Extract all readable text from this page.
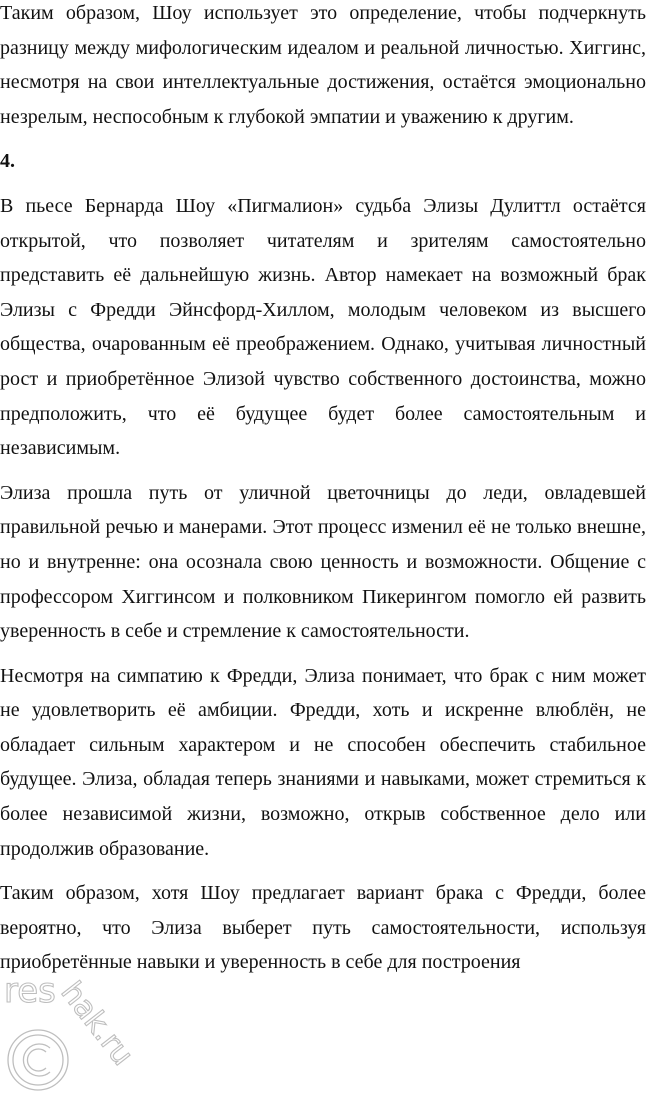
Таким образом, Шоу использует это определение, чтобы подчеркнуть разницу между мифологическим идеалом и реальной личностью. Хиггинс, несмотря на свои интеллектуальные достижения, остаётся эмоционально незрелым, неспособным к глубокой эмпатии и уважению к другим.

4.

В пьесе Бернарда Шоу «Пигмалион» судьба Элизы Дулиттл остаётся открытой, что позволяет читателям и зрителям самостоятельно представить её дальнейшую жизнь. Автор намекает на возможный брак Элизы с Фредди Эйнсфорд-Хиллом, молодым человеком из высшего общества, очарованным её преображением. Однако, учитывая личностный рост и приобретённое Элизой чувство собственного достоинства, можно предположить, что её будущее будет более самостоятельным и независимым.

Элиза прошла путь от уличной цветочницы до леди, овладевшей правильной речью и манерами. Этот процесс изменил её не только внешне, но и внутренне: она осознала свою ценность и возможности. Общение с профессором Хиггинсом и полковником Пикерингом помогло ей развить уверенность в себе и стремление к самостоятельности.

Несмотря на симпатию к Фредди, Элиза понимает, что брак с ним может не удовлетворить её амбиции. Фредди, хоть и искренне влюблён, не обладает сильным характером и не способен обеспечить стабильное будущее. Элиза, обладая теперь знаниями и навыками, может стремиться к более независимой жизни, возможно, открыв собственное дело или продолжив образование.

Таким образом, хотя Шоу предлагает вариант брака с Фредди, более вероятно, что Элиза выберет путь самостоятельности, используя приобретённые навыки и уверенность в себе для построения

res
hak.ru
